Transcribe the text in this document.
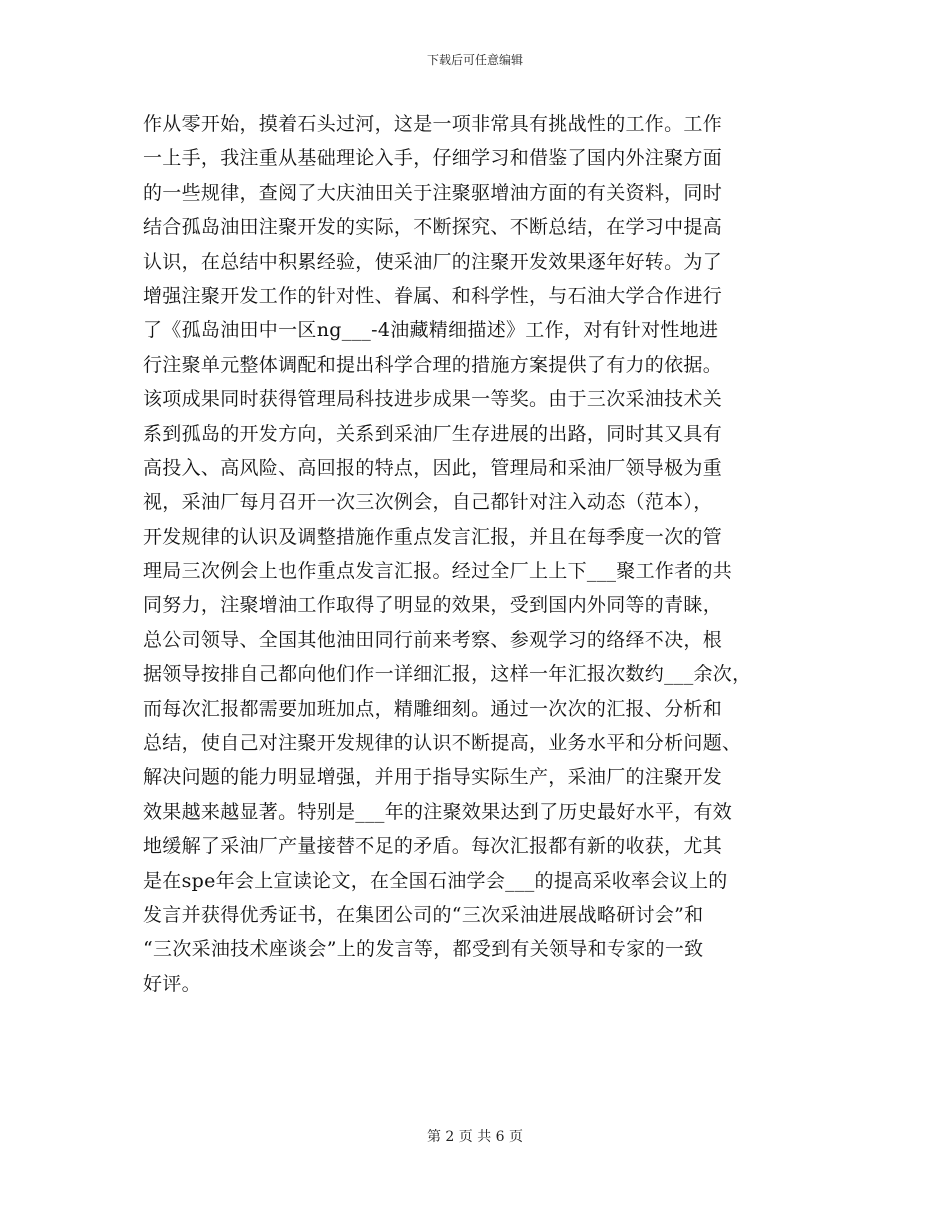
下载后可任意编辑
作从零开始，摸着石头过河，这是一项非常具有挑战性的工作。工作
一上手，我注重从基础理论入手，仔细学习和借鉴了国内外注聚方面
的一些规律，查阅了大庆油田关于注聚驱增油方面的有关资料，同时
结合孤岛油田注聚开发的实际，不断探究、不断总结，在学习中提高
认识，在总结中积累经验，使采油厂的注聚开发效果逐年好转。为了
增强注聚开发工作的针对性、眷属、和科学性，与石油大学合作进行
了《孤岛油田中一区ng___-4油藏精细描述》工作，对有针对性地进
行注聚单元整体调配和提出科学合理的措施方案提供了有力的依据。
该项成果同时获得管理局科技进步成果一等奖。由于三次采油技术关
系到孤岛的开发方向，关系到采油厂生存进展的出路，同时其又具有
高投入、高风险、高回报的特点，因此，管理局和采油厂领导极为重
视，采油厂每月召开一次三次例会，自己都针对注入动态（范本），
开发规律的认识及调整措施作重点发言汇报，并且在每季度一次的管
理局三次例会上也作重点发言汇报。经过全厂上上下___聚工作者的共
同努力，注聚增油工作取得了明显的效果，受到国内外同等的青睐，
总公司领导、全国其他油田同行前来考察、参观学习的络绎不决，根
据领导按排自己都向他们作一详细汇报，这样一年汇报次数约___余次，
而每次汇报都需要加班加点，精雕细刻。通过一次次的汇报、分析和
总结，使自己对注聚开发规律的认识不断提高，业务水平和分析问题、
解决问题的能力明显增强，并用于指导实际生产，采油厂的注聚开发
效果越来越显著。特别是___年的注聚效果达到了历史最好水平，有效
地缓解了采油厂产量接替不足的矛盾。每次汇报都有新的收获，尤其
是在spe年会上宣读论文，在全国石油学会___的提高采收率会议上的
发言并获得优秀证书，在集团公司的“三次采油进展战略研讨会”和
“三次采油技术座谈会”上的发言等，都受到有关领导和专家的一致
好评。
第 2 页 共 6 页
